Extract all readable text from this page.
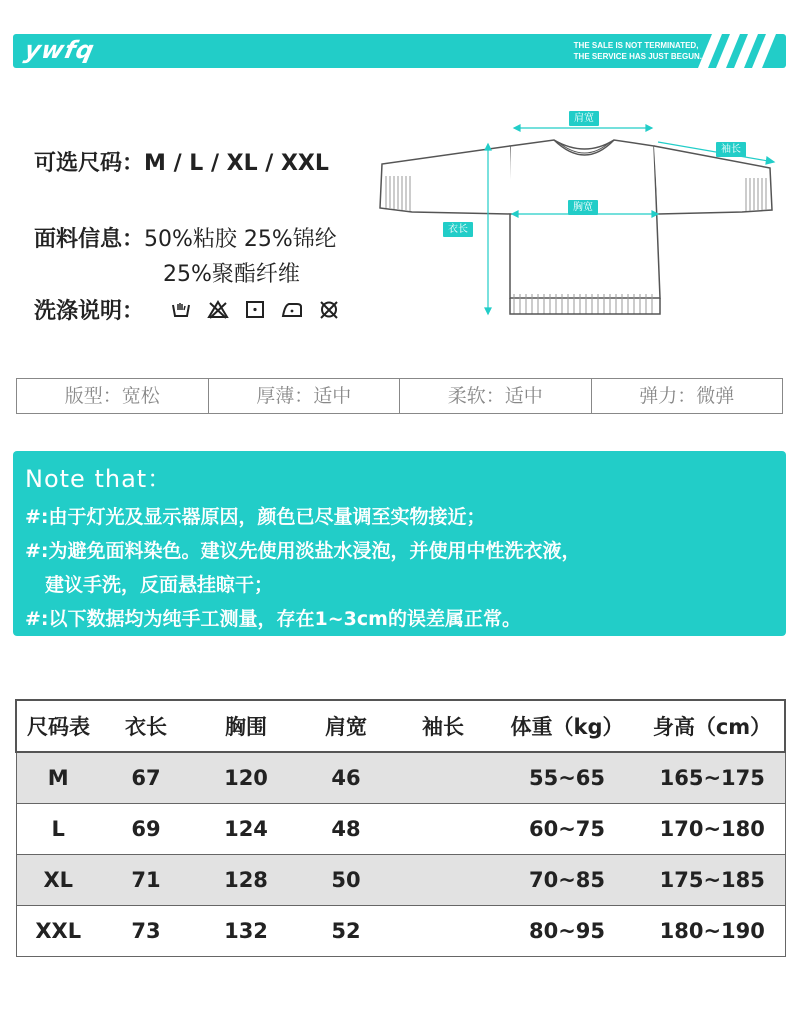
ywfq	THE SALE IS NOT TERMINATED,
THE SERVICE HAS JUST BEGUN.
可选尺码：M / L / XL / XXL
面料信息：50%粘胶 25%锦纶
25%聚酯纤维
洗涤说明：
肩宽
袖长
胸宽
衣长
版型：宽松	厚薄：适中	柔软：适中	弹力：微弹
Note that：
#:由于灯光及显示器原因，颜色已尽量调至实物接近；
#:为避免面料染色。建议先使用淡盐水浸泡，并使用中性洗衣液，
建议手洗，反面悬挂晾干；
#:以下数据均为纯手工测量，存在1~3cm的误差属正常。
尺码表	衣长	胸围	肩宽	袖长	体重（kg）	身高（cm）
M	67	120	46		55~65	165~175
L	69	124	48		60~75	170~180
XL	71	128	50		70~85	175~185
XXL	73	132	52		80~95	180~190
